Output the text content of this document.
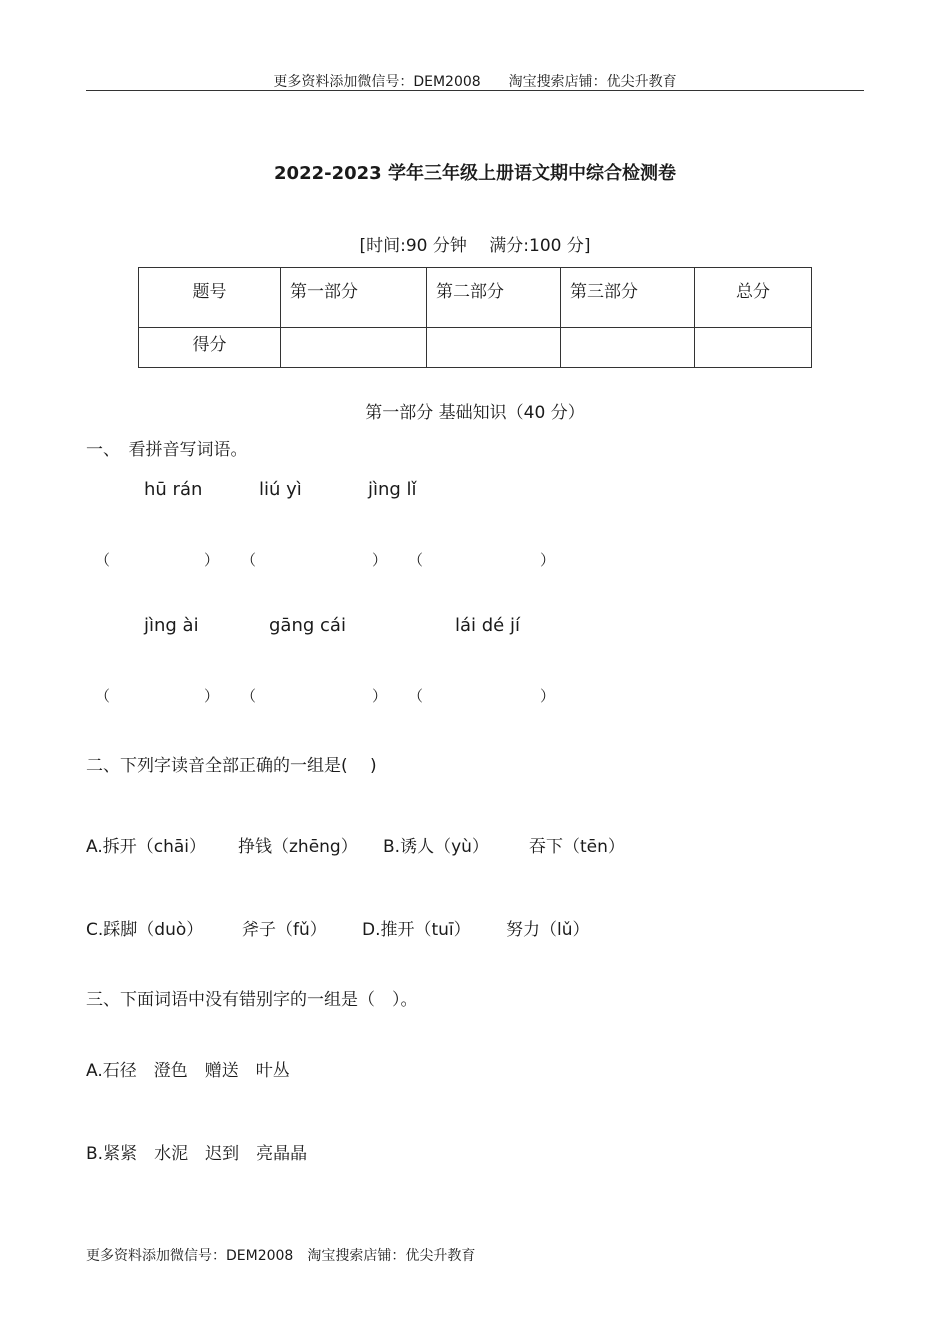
更多资料添加微信号：DEM2008　　淘宝搜索店铺：优尖升教育
2022-2023 学年三年级上册语文期中综合检测卷
[时间:90 分钟　 满分:100 分]
题号	第一部分	第二部分	第三部分	总分
得分				
第一部分 基础知识（40 分）
一、　看拼音写词语。
hū rán	liú yì	jìng lǐ
（	） （	） （	）
jìng ài	gāng cái	lái dé jí
（	） （	） （	）
二、下列字读音全部正确的一组是(　 )
A.拆开（chāi） 挣钱（zhēng） B.诱人（yù） 吞下（tēn）
C.踩脚（duò） 斧子（fǔ） D.推开（tuī） 努力（lǔ）
三、下面词语中没有错别字的一组是（　）。
A.石径　澄色　赠送　叶丛
B.紧紧　水泥　迟到　亮晶晶
更多资料添加微信号：DEM2008　淘宝搜索店铺：优尖升教育
